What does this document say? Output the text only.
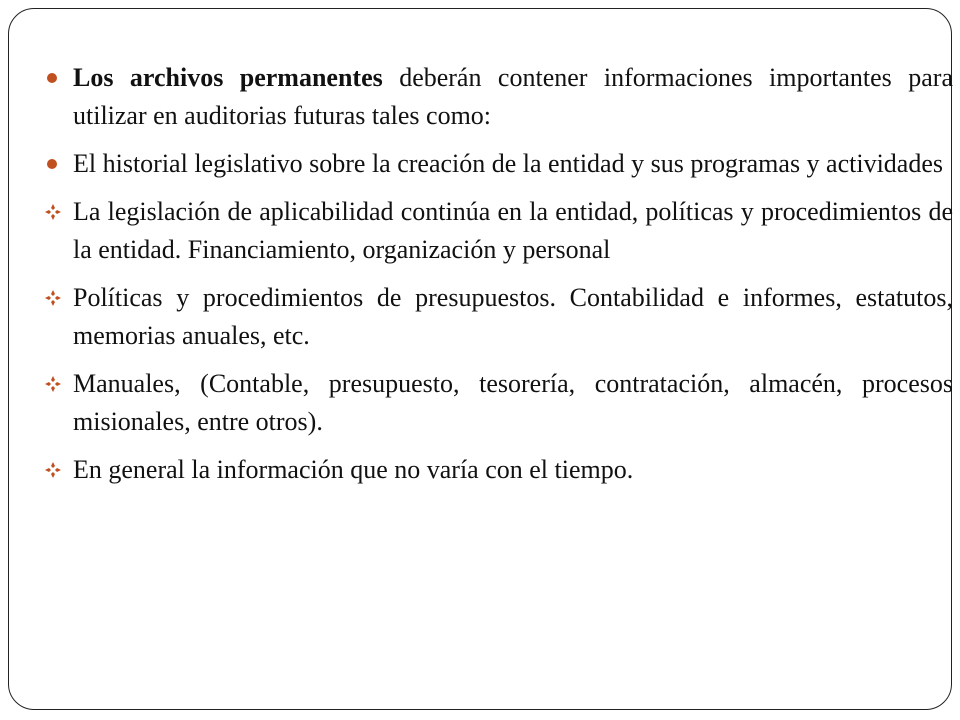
Los archivos permanentes deberán contener informaciones importantes para utilizar en auditorias futuras tales como:
El historial legislativo sobre la creación de la entidad y sus programas y actividades
La legislación de aplicabilidad continúa en la entidad, políticas y procedimientos de la entidad. Financiamiento, organización y personal
Políticas y procedimientos de presupuestos. Contabilidad e informes, estatutos, memorias anuales, etc.
Manuales, (Contable, presupuesto, tesorería, contratación, almacén, procesos misionales, entre otros).
En general la información que no varía con el tiempo.
